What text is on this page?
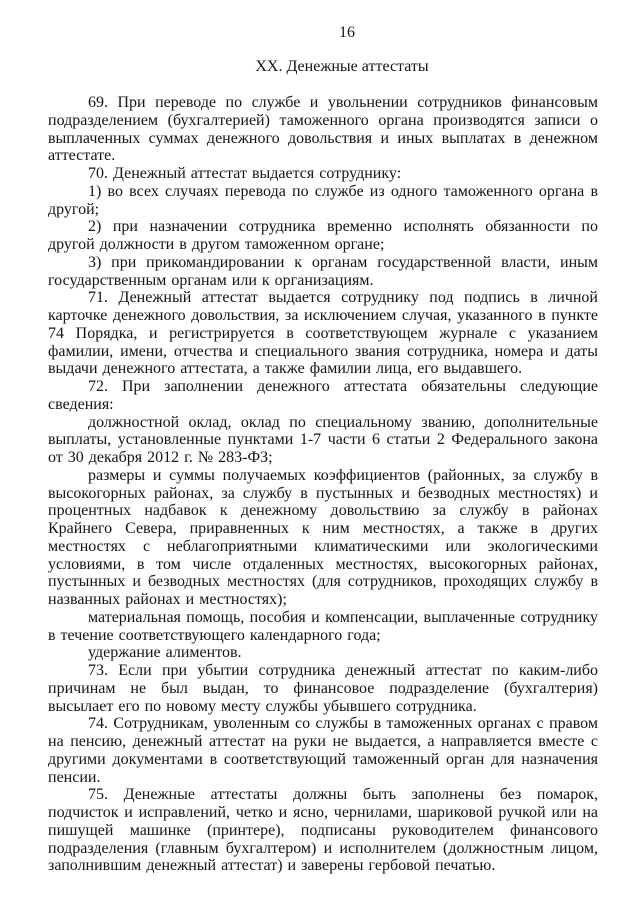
16
XX. Денежные аттестаты

69. При переводе по службе и увольнении сотрудников финансовым подразделением (бухгалтерией) таможенного органа производятся записи о выплаченных суммах денежного довольствия и иных выплатах в денежном аттестате.

70. Денежный аттестат выдается сотруднику:

1) во всех случаях перевода по службе из одного таможенного органа в другой;

2) при назначении сотрудника временно исполнять обязанности по другой должности в другом таможенном органе;

3) при прикомандировании к органам государственной власти, иным государственным органам или к организациям.

71. Денежный аттестат выдается сотруднику под подпись в личной карточке денежного довольствия, за исключением случая, указанного в пункте 74 Порядка, и регистрируется в соответствующем журнале с указанием фамилии, имени, отчества и специального звания сотрудника, номера и даты выдачи денежного аттестата, а также фамилии лица, его выдавшего.

72. При заполнении денежного аттестата обязательны следующие сведения:

должностной оклад, оклад по специальному званию, дополнительные выплаты, установленные пунктами 1-7 части 6 статьи 2 Федерального закона от 30 декабря 2012 г. № 283-ФЗ;

размеры и суммы получаемых коэффициентов (районных, за службу в высокогорных районах, за службу в пустынных и безводных местностях) и процентных надбавок к денежному довольствию за службу в районах Крайнего Севера, приравненных к ним местностях, а также в других местностях с неблагоприятными климатическими или экологическими условиями, в том числе отдаленных местностях, высокогорных районах, пустынных и безводных местностях (для сотрудников, проходящих службу в названных районах и местностях);

материальная помощь, пособия и компенсации, выплаченные сотруднику в течение соответствующего календарного года;

удержание алиментов.

73. Если при убытии сотрудника денежный аттестат по каким-либо причинам не был выдан, то финансовое подразделение (бухгалтерия) высылает его по новому месту службы убывшего сотрудника.

74. Сотрудникам, уволенным со службы в таможенных органах с правом на пенсию, денежный аттестат на руки не выдается, а направляется вместе с другими документами в соответствующий таможенный орган для назначения пенсии.

75. Денежные аттестаты должны быть заполнены без помарок, подчисток и исправлений, четко и ясно, чернилами, шариковой ручкой или на пишущей машинке (принтере), подписаны руководителем финансового подразделения (главным бухгалтером) и исполнителем (должностным лицом, заполнившим денежный аттестат) и заверены гербовой печатью.
